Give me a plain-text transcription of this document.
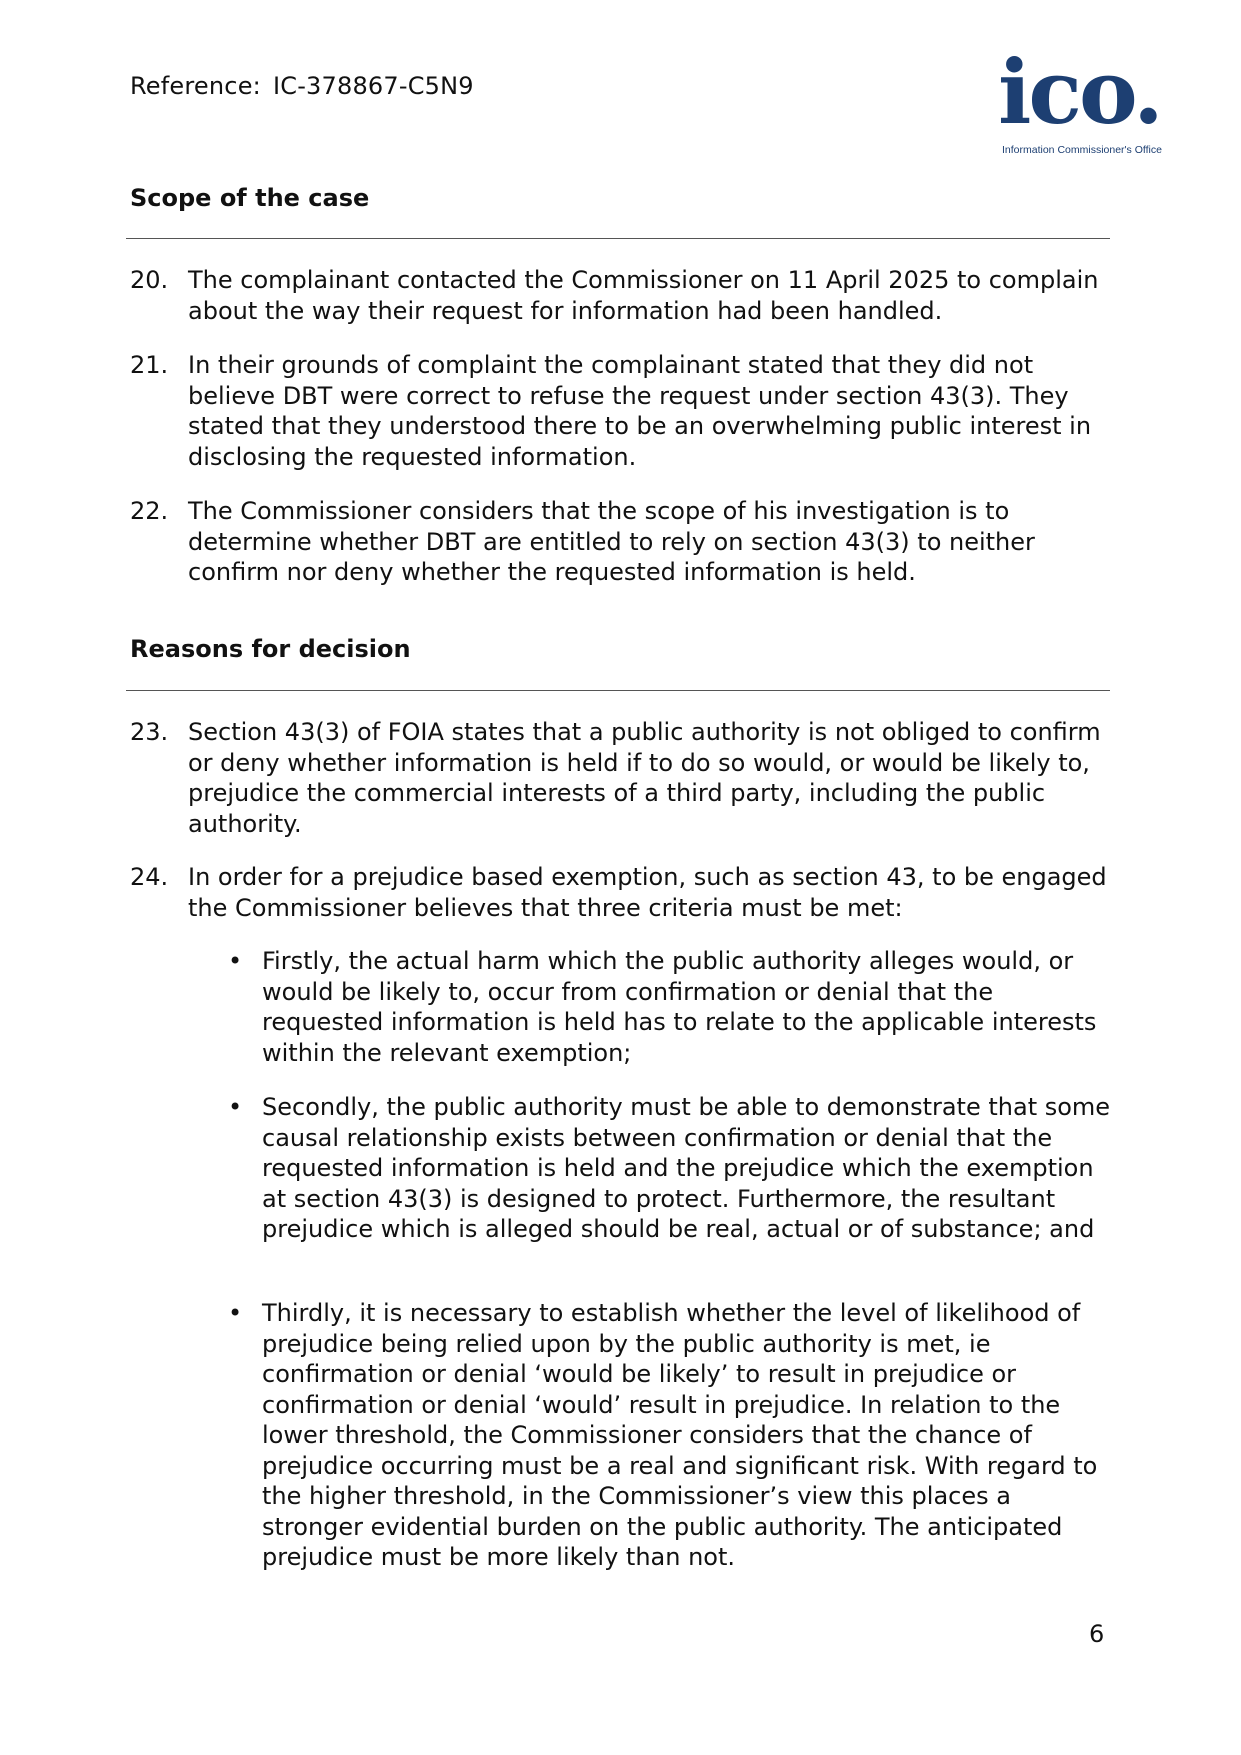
Reference: IC-378867-C5N9	ico.
Information Commissioner's Office
Scope of the case
20. The complainant contacted the Commissioner on 11 April 2025 to complain about the way their request for information had been handled.
21. In their grounds of complaint the complainant stated that they did not believe DBT were correct to refuse the request under section 43(3). They stated that they understood there to be an overwhelming public interest in disclosing the requested information.
22. The Commissioner considers that the scope of his investigation is to determine whether DBT are entitled to rely on section 43(3) to neither confirm nor deny whether the requested information is held.
Reasons for decision
23. Section 43(3) of FOIA states that a public authority is not obliged to confirm or deny whether information is held if to do so would, or would be likely to, prejudice the commercial interests of a third party, including the public authority.
24. In order for a prejudice based exemption, such as section 43, to be engaged the Commissioner believes that three criteria must be met:
• Firstly, the actual harm which the public authority alleges would, or would be likely to, occur from confirmation or denial that the requested information is held has to relate to the applicable interests within the relevant exemption;
• Secondly, the public authority must be able to demonstrate that some causal relationship exists between confirmation or denial that the requested information is held and the prejudice which the exemption at section 43(3) is designed to protect. Furthermore, the resultant prejudice which is alleged should be real, actual or of substance; and
• Thirdly, it is necessary to establish whether the level of likelihood of prejudice being relied upon by the public authority is met, ie confirmation or denial ‘would be likely’ to result in prejudice or confirmation or denial ‘would’ result in prejudice. In relation to the lower threshold, the Commissioner considers that the chance of prejudice occurring must be a real and significant risk. With regard to the higher threshold, in the Commissioner’s view this places a stronger evidential burden on the public authority. The anticipated prejudice must be more likely than not.
6
